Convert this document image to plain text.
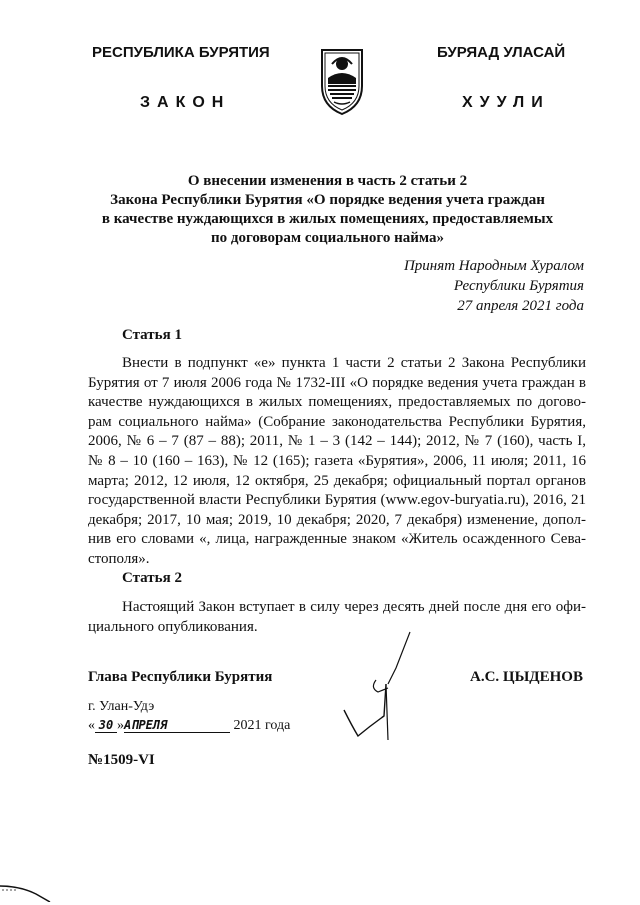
РЕСПУБЛИКА БУРЯТИЯ	БУРЯАД УЛАСАЙ
ЗАКОН	ХУУЛИ
О внесении изменения в часть 2 статьи 2
Закона Республики Бурятия «О порядке ведения учета граждан
в качестве нуждающихся в жилых помещениях, предоставляемых
по договорам социального найма»
Принят Народным Хуралом
Республики Бурятия
27 апреля 2021 года
Статья 1
Внести в подпункт «е» пункта 1 части 2 статьи 2 Закона Республики
Бурятия от 7 июля 2006 года № 1732-III «О порядке ведения учета граждан в
качестве нуждающихся в жилых помещениях, предоставляемых по догово-
рам социального найма» (Собрание законодательства Республики Бурятия,
2006, № 6 – 7 (87 – 88); 2011, № 1 – 3 (142 – 144); 2012, № 7 (160), часть I,
№ 8 – 10 (160 – 163), № 12 (165); газета «Бурятия», 2006, 11 июля; 2011, 16
марта; 2012, 12 июля, 12 октября, 25 декабря; официальный портал органов
государственной власти Республики Бурятия (www.egov-buryatia.ru), 2016, 21
декабря; 2017, 10 мая; 2019, 10 декабря; 2020, 7 декабря) изменение, допол-
нив его словами «, лица, награжденные знаком «Житель осажденного Сева-
стополя».
Статья 2
Настоящий Закон вступает в силу через десять дней после дня его офи-
циального опубликования.
Глава Республики Бурятия	А.С. ЦЫДЕНОВ
г. Улан-Удэ
« 30 »АПРЕЛЯ	2021 года
№1509-VI
